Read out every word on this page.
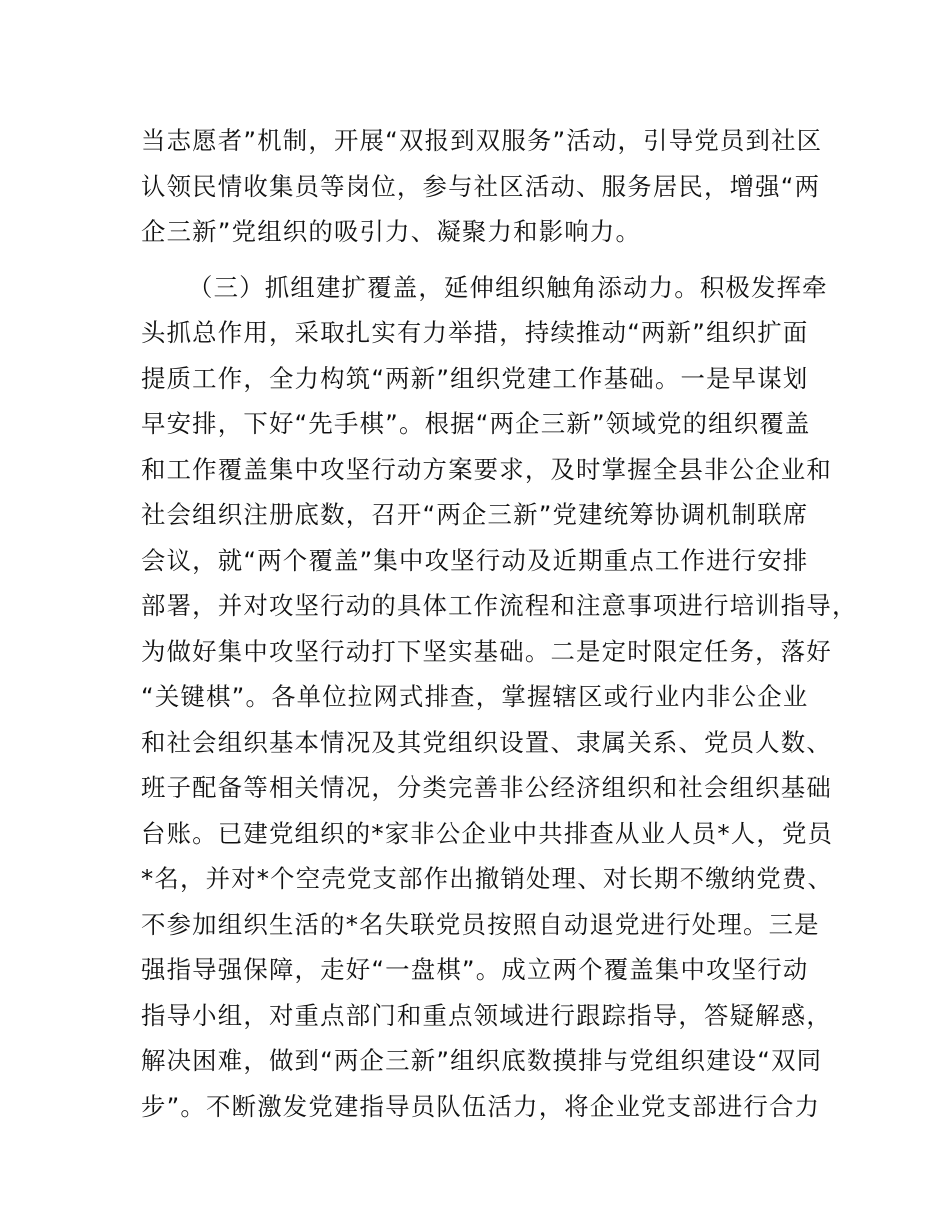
当志愿者”机制，开展“双报到双服务”活动，引导党员到社区
认领民情收集员等岗位，参与社区活动、服务居民，增强“两
企三新”党组织的吸引力、凝聚力和影响力。
（三）抓组建扩覆盖，延伸组织触角添动力。积极发挥牵
头抓总作用，采取扎实有力举措，持续推动“两新”组织扩面
提质工作，全力构筑“两新”组织党建工作基础。一是早谋划
早安排，下好“先手棋”。根据“两企三新”领域党的组织覆盖
和工作覆盖集中攻坚行动方案要求，及时掌握全县非公企业和
社会组织注册底数，召开“两企三新”党建统筹协调机制联席
会议，就“两个覆盖”集中攻坚行动及近期重点工作进行安排
部署，并对攻坚行动的具体工作流程和注意事项进行培训指导，
为做好集中攻坚行动打下坚实基础。二是定时限定任务，落好
“关键棋”。各单位拉网式排查，掌握辖区或行业内非公企业
和社会组织基本情况及其党组织设置、隶属关系、党员人数、
班子配备等相关情况，分类完善非公经济组织和社会组织基础
台账。已建党组织的*家非公企业中共排查从业人员*人，党员
*名，并对*个空壳党支部作出撤销处理、对长期不缴纳党费、
不参加组织生活的*名失联党员按照自动退党进行处理。三是
强指导强保障，走好“一盘棋”。成立两个覆盖集中攻坚行动
指导小组，对重点部门和重点领域进行跟踪指导，答疑解惑，
解决困难，做到“两企三新”组织底数摸排与党组织建设“双同
步”。不断激发党建指导员队伍活力，将企业党支部进行合力
